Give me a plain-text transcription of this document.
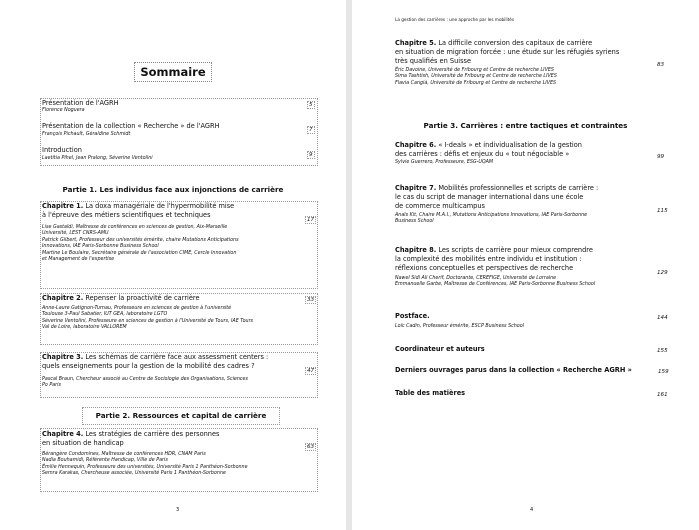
Sommaire
Présentation de l'AGRH
Florence Noguera
5
Présentation de la collection « Recherche » de l'AGRH
François Pichault, Géraldine Schmidt
7
Introduction
Laetitia Pihel, Jean Pralong, Séverine Ventolini
9
Partie 1. Les individus face aux injonctions de carrière
Chapitre 1. La doxa managériale de l'hypermobilité mise
à l'épreuve des métiers scientifiques et techniques
17
Lise Gastaldi, Maîtresse de conférences en sciences de gestion, Aix-Marseille
Université, LEST CNRS-AMU
Patrick Gilbert, Professeur des universités émérite, chaire Mutations Anticipations
Innovations, IAE Paris-Sorbonne Business School
Martine Le Boulaire, Secrétaire générale de l'association CIME, Cercle Innovation
et Management de l'expertise
Chapitre 2. Repenser la proactivité de carrière	33
Anne-Laure Gatignon-Turnau, Professeure en sciences de gestion à l'université
Toulouse 3-Paul Sabatier, IUT GEA, laboratoire LGTO
Séverine Ventolini, Professeure en sciences de gestion à l'Université de Tours, IAE Tours
Val de Loire, laboratoire VALLOREM
Chapitre 3. Les schémas de carrière face aux assessment centers :
quels enseignements pour la gestion de la mobilité des cadres ?
47
Pascal Braun, Chercheur associé au Centre de Sociologie des Organisations, Sciences
Po Paris
Partie 2. Ressources et capital de carrière
Chapitre 4. Les stratégies de carrière des personnes
en situation de handicap	63
Bérangère Condomines, Maîtresse de conférences HDR, CNAM Paris
Nadia Bouhamidi, Référente Handicap, Ville de Paris
Émilie Hennequin, Professeure des universités, Université Paris 1 Panthéon-Sorbonne
Semra Karakas, Chercheuse associée, Université Paris 1 Panthéon-Sorbonne
3
La gestion des carrières : une approche par les mobilités
Chapitre 5. La difficile conversion des capitaux de carrière
en situation de migration forcée : une étude sur les réfugiés syriens
très qualifiés en Suisse	83
Éric Davoine, Université de Fribourg et Centre de recherche LIVES
Sima Tashtish, Université de Fribourg et Centre de recherche LIVES
Flavia Cangià, Université de Fribourg et Centre de recherche LIVES
Partie 3. Carrières : entre tactiques et contraintes
Chapitre 6. « I-deals » et individualisation de la gestion
des carrières : défis et enjeux du « tout négociable »	99
Sylvie Guerrero, Professeure, ESG-UQAM
Chapitre 7. Mobilités professionnelles et scripts de carrière :
le cas du script de manager international dans une école
de commerce multicampus
115
Anaïs Kit, Chaire M.A.I., Mutations Anticipations Innovations, IAE Paris-Sorbonne
Business School
Chapitre 8. Les scripts de carrière pour mieux comprendre
la complexité des mobilités entre individu et institution :
réflexions conceptuelles et perspectives de recherche
129
Nawel Sidi Ali Cherif, Doctorante, CEREFIGE, Université de Lorraine
Emmanuelle Garbe, Maîtresse de Conférences, IAE Paris-Sorbonne Business School
Postface.	144
Loïc Cadin, Professeur émérite, ESCP Business School
Coordinateur et auteurs	155
Derniers ouvrages parus dans la collection « Recherche AGRH »	159
Table des matières	161
4
